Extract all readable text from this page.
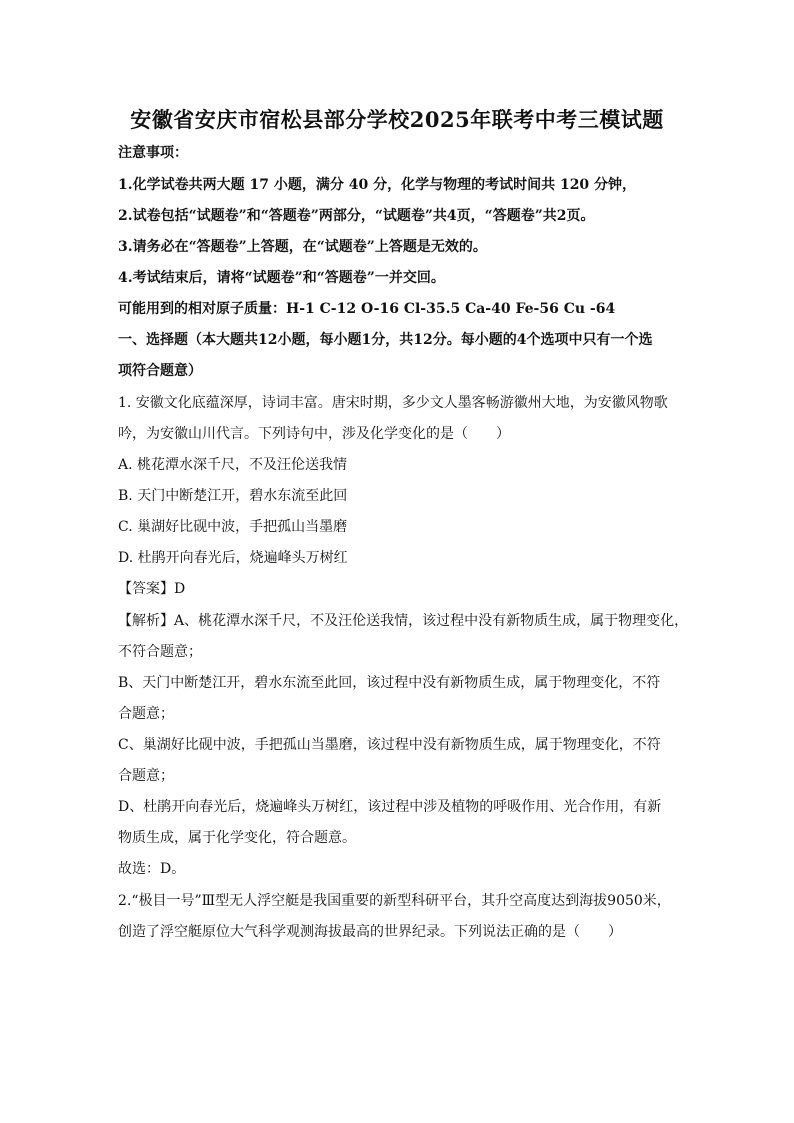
安徽省安庆市宿松县部分学校2025年联考中考三模试题
注意事项：
1.化学试卷共两大题 17 小题，满分 40 分，化学与物理的考试时间共 120 分钟，
2.试卷包括“试题卷”和“答题卷”两部分，“试题卷”共4页，“答题卷”共2页。
3.请务必在“答题卷”上答题，在“试题卷”上答题是无效的。
4.考试结束后，请将“试题卷”和“答题卷”一并交回。
可能用到的相对原子质量：H-1 C-12 O-16 Cl-35.5 Ca-40 Fe-56 Cu -64
一、选择题（本大题共12小题，每小题1分，共12分。每小题的4个选项中只有一个选
项符合题意）
1. 安徽文化底蕴深厚，诗词丰富。唐宋时期，多少文人墨客畅游徽州大地，为安徽风物歌
吟，为安徽山川代言。下列诗句中，涉及化学变化的是（　　）
A. 桃花潭水深千尺，不及汪伦送我情
B. 天门中断楚江开，碧水东流至此回
C. 巢湖好比砚中波，手把孤山当墨磨
D. 杜鹃开向春光后，烧遍峰头万树红
【答案】D
【解析】A、桃花潭水深千尺，不及汪伦送我情，该过程中没有新物质生成，属于物理变化，
不符合题意；
B、天门中断楚江开，碧水东流至此回，该过程中没有新物质生成，属于物理变化，不符
合题意；
C、巢湖好比砚中波，手把孤山当墨磨，该过程中没有新物质生成，属于物理变化，不符
合题意；
D、杜鹃开向春光后，烧遍峰头万树红，该过程中涉及植物的呼吸作用、光合作用，有新
物质生成，属于化学变化，符合题意。
故选：D。
2.“极目一号”Ⅲ型无人浮空艇是我国重要的新型科研平台，其升空高度达到海拔9050米，
创造了浮空艇原位大气科学观测海拔最高的世界纪录。下列说法正确的是（　　）
